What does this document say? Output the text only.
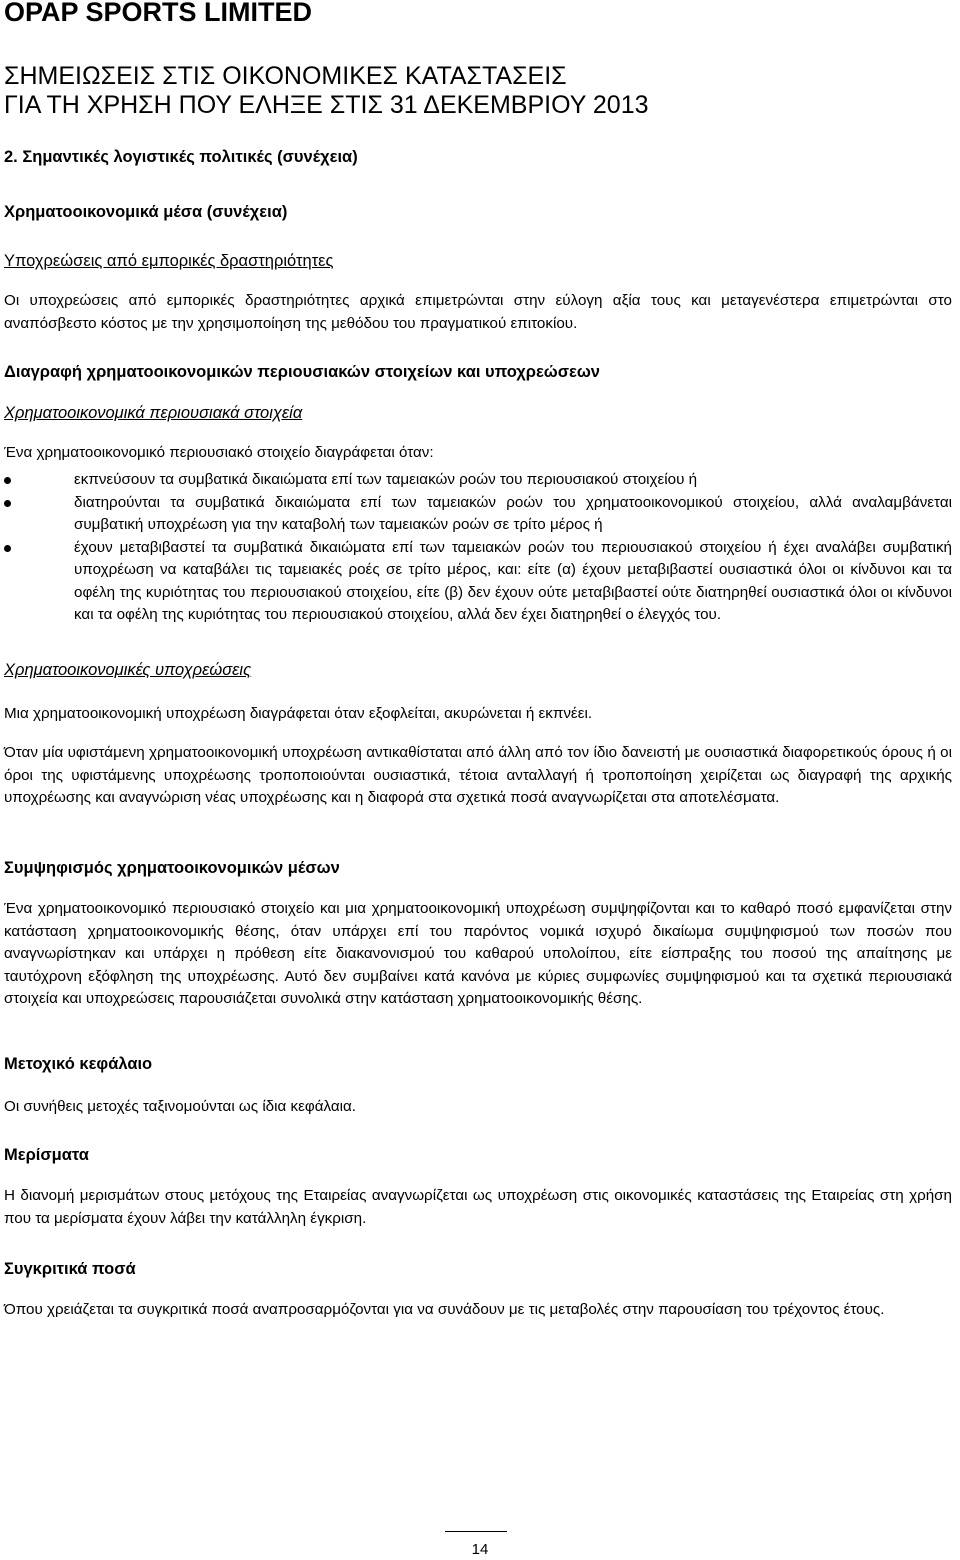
OPAP SPORTS LIMITED
ΣΗΜΕΙΩΣΕΙΣ ΣΤΙΣ ΟΙΚΟΝΟΜΙΚΕΣ ΚΑΤΑΣΤΑΣΕΙΣ
ΓΙΑ ΤΗ ΧΡΗΣΗ ΠΟΥ ΕΛΗΞΕ ΣΤΙΣ 31 ΔΕΚΕΜΒΡΙΟΥ 2013
2. Σημαντικές λογιστικές πολιτικές (συνέχεια)
Χρηματοοικονομικά μέσα (συνέχεια)
Υποχρεώσεις από εμπορικές δραστηριότητες
Οι υποχρεώσεις από εμπορικές δραστηριότητες αρχικά επιμετρώνται στην εύλογη αξία τους και μεταγενέστερα επιμετρώνται στο αναπόσβεστο κόστος με την χρησιμοποίηση της μεθόδου του πραγματικού επιτοκίου.
Διαγραφή χρηματοοικονομικών περιουσιακών στοιχείων και υποχρεώσεων
Χρηματοοικονομικά περιουσιακά στοιχεία
Ένα χρηματοοικονομικό περιουσιακό στοιχείο διαγράφεται όταν:
εκπνεύσουν τα συμβατικά δικαιώματα επί των ταμειακών ροών του περιουσιακού στοιχείου ή
διατηρούνται τα συμβατικά δικαιώματα επί των ταμειακών ροών του χρηματοοικονομικού στοιχείου, αλλά αναλαμβάνεται συμβατική υποχρέωση για την καταβολή των ταμειακών ροών σε τρίτο μέρος ή
έχουν μεταβιβαστεί τα συμβατικά δικαιώματα επί των ταμειακών ροών του περιουσιακού στοιχείου ή έχει αναλάβει συμβατική υποχρέωση να καταβάλει τις ταμειακές ροές σε τρίτο μέρος, και: είτε (α) έχουν μεταβιβαστεί ουσιαστικά όλοι οι κίνδυνοι και τα οφέλη της κυριότητας του περιουσιακού στοιχείου, είτε (β) δεν έχουν ούτε μεταβιβαστεί ούτε διατηρηθεί ουσιαστικά όλοι οι κίνδυνοι και τα οφέλη της κυριότητας του περιουσιακού στοιχείου, αλλά δεν έχει διατηρηθεί ο έλεγχός του.
Χρηματοοικονομικές υποχρεώσεις
Μια χρηματοοικονομική υποχρέωση διαγράφεται όταν εξοφλείται, ακυρώνεται ή εκπνέει.
Όταν μία υφιστάμενη χρηματοοικονομική υποχρέωση αντικαθίσταται από άλλη από τον ίδιο δανειστή με ουσιαστικά διαφορετικούς όρους ή οι όροι της υφιστάμενης υποχρέωσης τροποποιούνται ουσιαστικά, τέτοια ανταλλαγή ή τροποποίηση χειρίζεται ως διαγραφή της αρχικής υποχρέωσης και αναγνώριση νέας υποχρέωσης και η διαφορά στα σχετικά ποσά αναγνωρίζεται στα αποτελέσματα.
Συμψηφισμός χρηματοοικονομικών μέσων
Ένα χρηματοοικονομικό περιουσιακό στοιχείο και μια χρηματοοικονομική υποχρέωση συμψηφίζονται και το καθαρό ποσό εμφανίζεται στην κατάσταση χρηματοοικονομικής θέσης, όταν υπάρχει επί του παρόντος νομικά ισχυρό δικαίωμα συμψηφισμού των ποσών που αναγνωρίστηκαν και υπάρχει η πρόθεση είτε διακανονισμού του καθαρού υπολοίπου, είτε είσπραξης του ποσού της απαίτησης με ταυτόχρονη εξόφληση της υποχρέωσης. Αυτό δεν συμβαίνει κατά κανόνα με κύριες συμφωνίες συμψηφισμού και τα σχετικά περιουσιακά στοιχεία και υποχρεώσεις παρουσιάζεται συνολικά στην κατάσταση χρηματοοικονομικής θέσης.
Μετοχικό κεφάλαιο
Οι συνήθεις μετοχές ταξινομούνται ως ίδια κεφάλαια.
Μερίσματα
Η διανομή μερισμάτων στους μετόχους της Εταιρείας αναγνωρίζεται ως υποχρέωση στις οικονομικές καταστάσεις της Εταιρείας στη χρήση που τα μερίσματα έχουν λάβει την κατάλληλη έγκριση.
Συγκριτικά ποσά
Όπου χρειάζεται τα συγκριτικά ποσά αναπροσαρμόζονται για να συνάδουν με τις μεταβολές στην παρουσίαση του τρέχοντος έτους.
14
